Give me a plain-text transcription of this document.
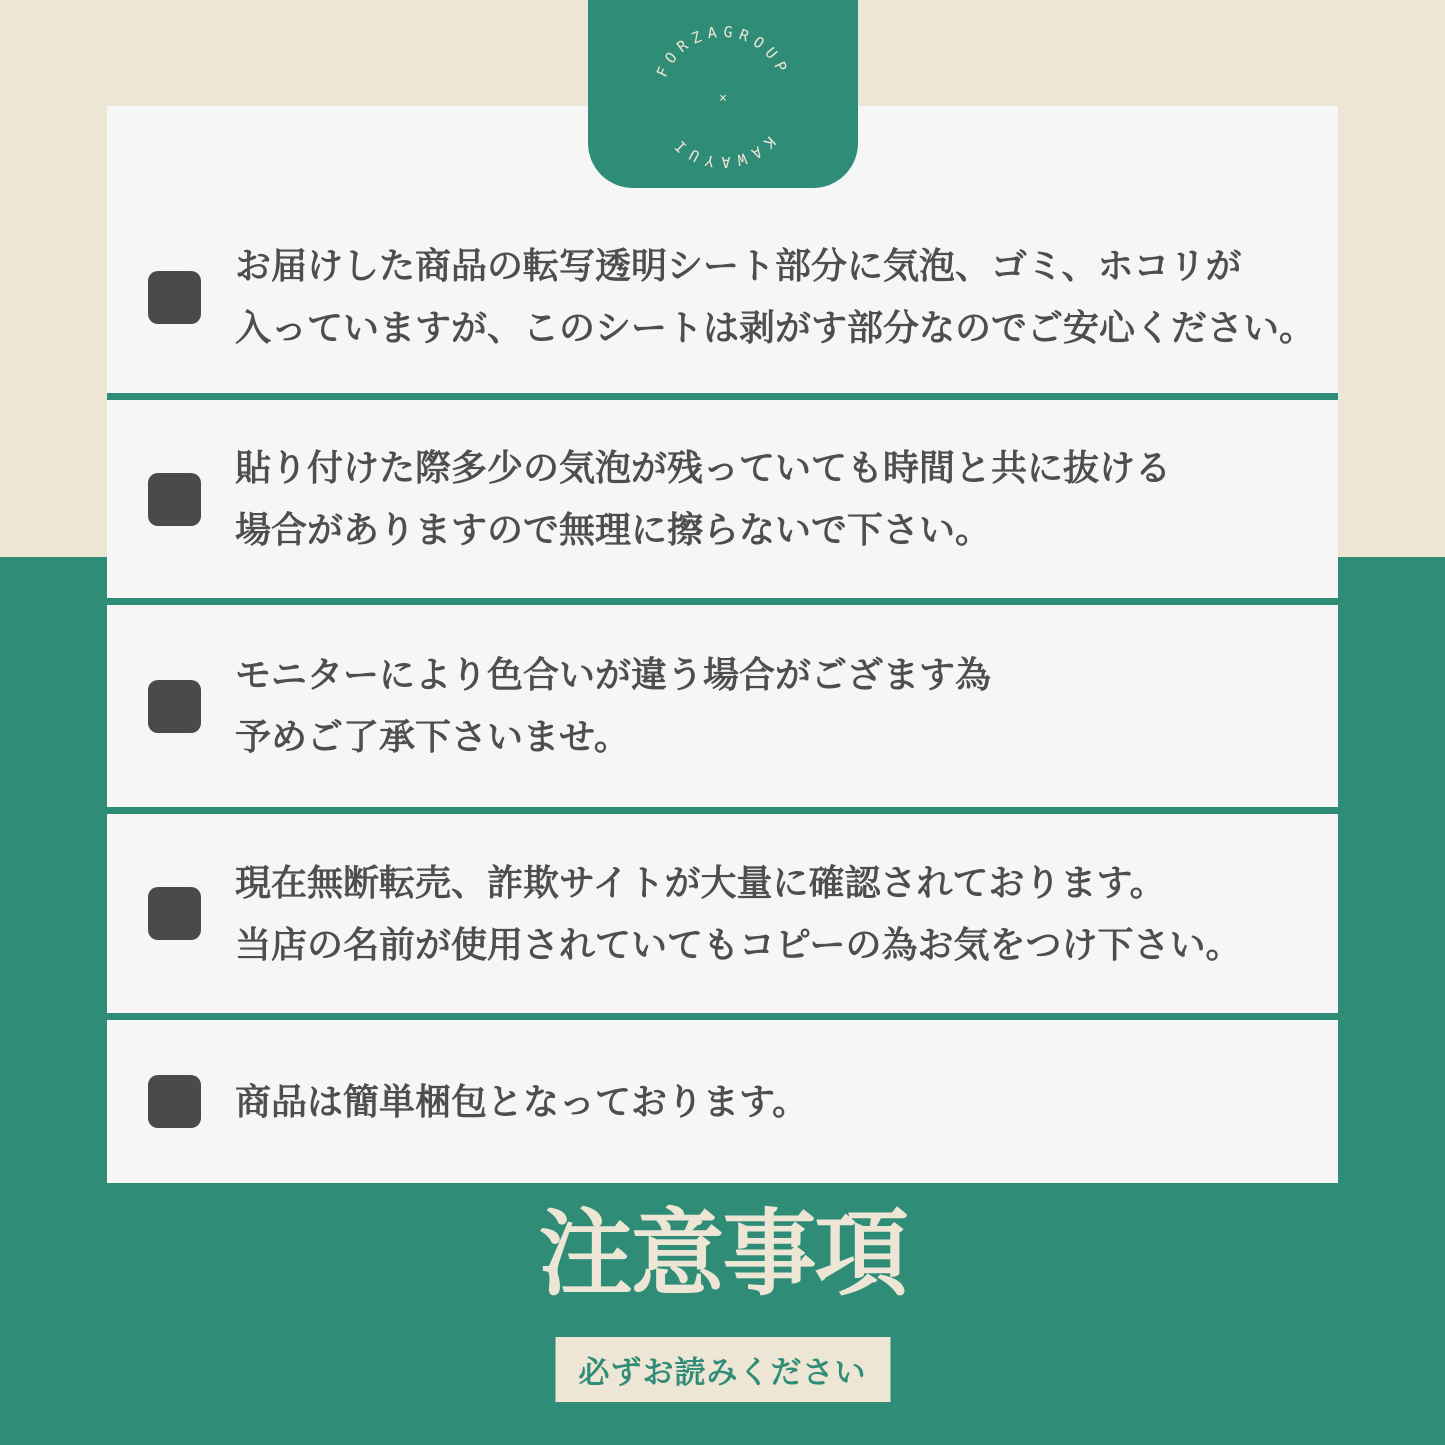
FORZAGROUP
KAWAYUI
×

お届けした商品の転写透明シート部分に気泡、ゴミ、ホコリが

入っていますが、このシートは剥がす部分なのでご安心ください。

貼り付けた際多少の気泡が残っていても時間と共に抜ける

場合がありますので無理に擦らないで下さい。

モニターにより色合いが違う場合がござます為

予めご了承下さいませ。

現在無断転売、詐欺サイトが大量に確認されております。

当店の名前が使用されていてもコピーの為お気をつけ下さい。

商品は簡単梱包となっております。

注意事項
必ずお読みください
